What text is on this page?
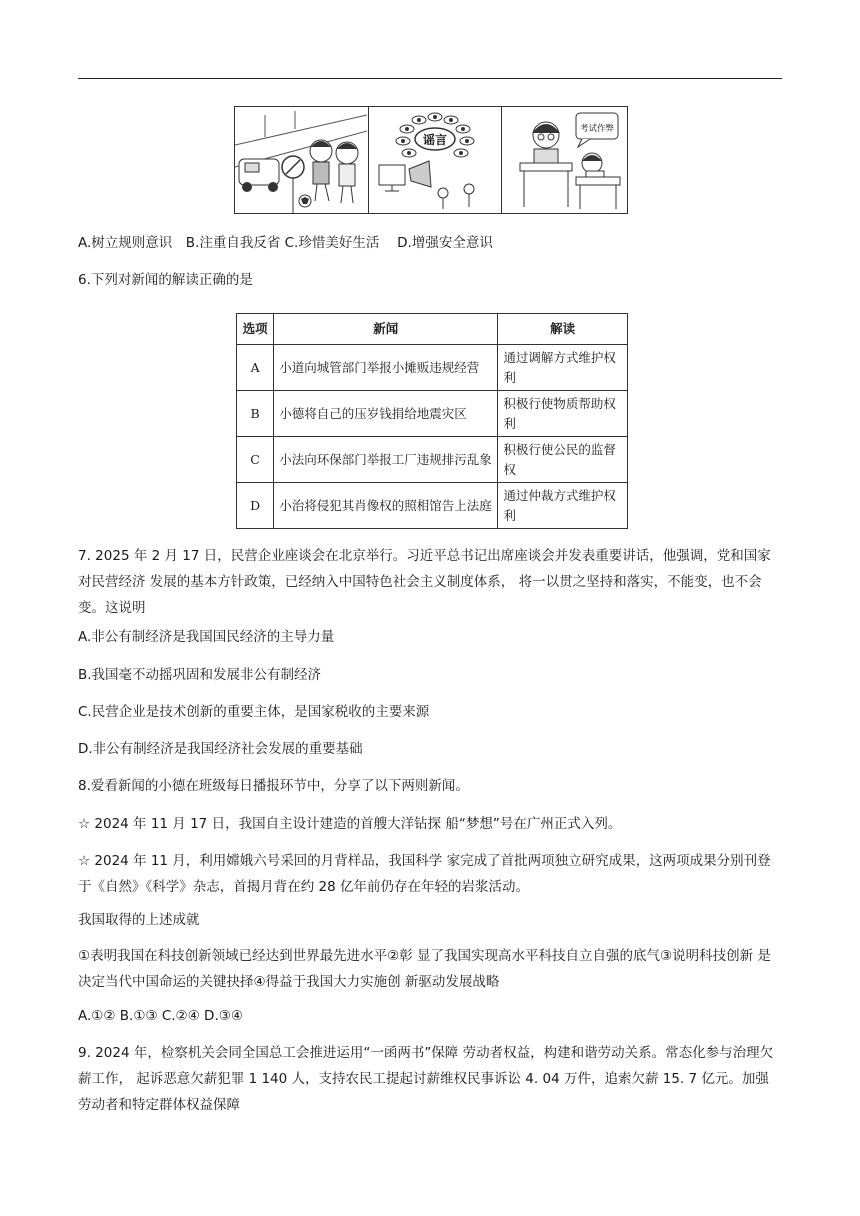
谣言
考试作弊
A.树立规则意识　B.注重自我反省 C.珍惜美好生活　 D.增强安全意识
6.下列对新闻的解读正确的是
选项	新闻	解读
A	小道向城管部门举报小摊贩违规经营	通过调解方式维护权利
B	小德将自己的压岁钱捐给地震灾区	积极行使物质帮助权利
C	小法向环保部门举报工厂违规排污乱象	积极行使公民的监督权
D	小治将侵犯其肖像权的照相馆告上法庭	通过仲裁方式维护权利
7. 2025 年 2 月 17 日，民营企业座谈会在北京举行。习近平总书记出席座谈会并发表重要讲话，他强调，党和国家对民营经济 发展的基本方针政策，已经纳入中国特色社会主义制度体系， 将一以贯之坚持和落实，不能变，也不会变。这说明
A.非公有制经济是我国国民经济的主导力量
B.我国毫不动摇巩固和发展非公有制经济
C.民营企业是技术创新的重要主体，是国家税收的主要来源
D.非公有制经济是我国经济社会发展的重要基础
8.爱看新闻的小德在班级每日播报环节中，分享了以下两则新闻。
☆ 2024 年 11 月 17 日，我国自主设计建造的首艘大洋钻探 船“梦想”号在广州正式入列。
☆ 2024 年 11 月，利用嫦娥六号采回的月背样品，我国科学 家完成了首批两项独立研究成果，这两项成果分别刊登 于《自然》《科学》杂志，首揭月背在约 28 亿年前仍存在年轻的岩浆活动。
我国取得的上述成就
①表明我国在科技创新领域已经达到世界最先进水平②彰 显了我国实现高水平科技自立自强的底气③说明科技创新 是决定当代中国命运的关键抉择④得益于我国大力实施创 新驱动发展战略
A.①② B.①③ C.②④ D.③④
9. 2024 年，检察机关会同全国总工会推进运用“一函两书”保障 劳动者权益，构建和谐劳动关系。常态化参与治理欠薪工作， 起诉恶意欠薪犯罪 1 140 人，支持农民工提起讨薪维权民事诉讼 4. 04 万件，追索欠薪 15. 7 亿元。加强劳动者和特定群体权益保障
